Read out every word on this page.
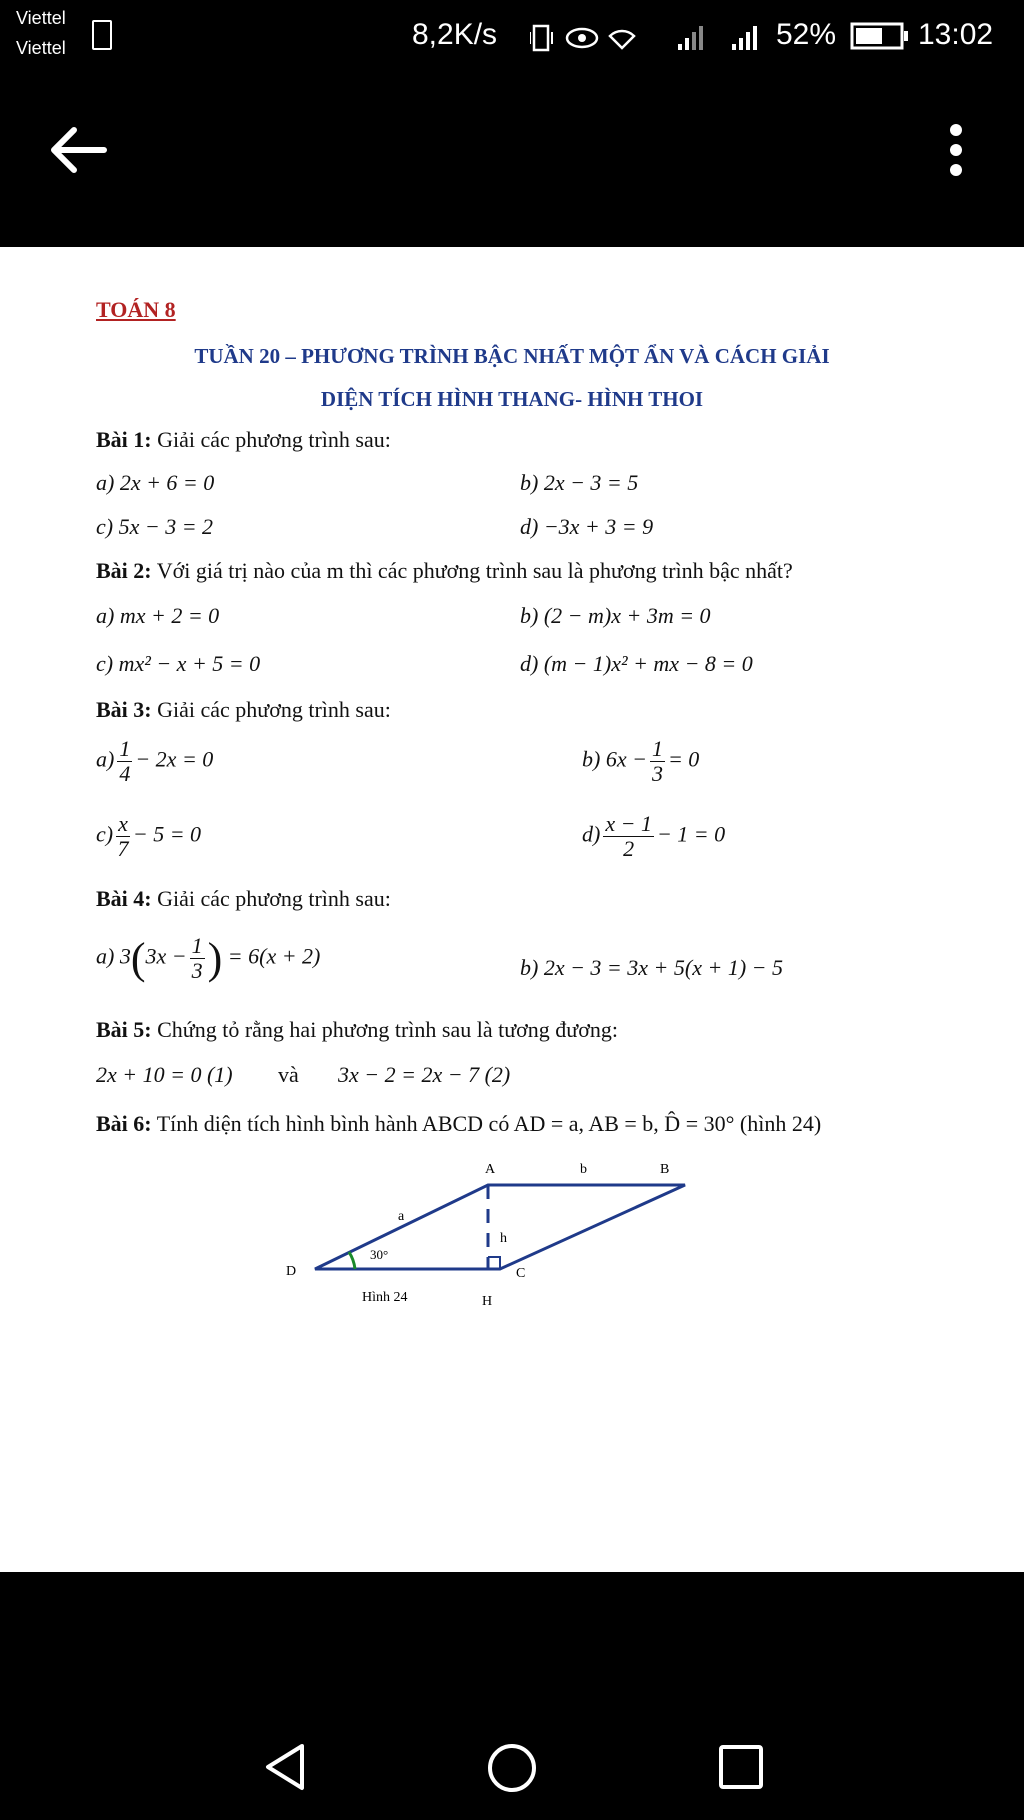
Viettel
Viettel	8,2K/s	52%	13:02
TOÁN 8
TUẦN 20 – PHƯƠNG TRÌNH BẬC NHẤT MỘT ẨN VÀ CÁCH GIẢI
DIỆN TÍCH HÌNH THANG- HÌNH THOI
Bài 1: Giải các phương trình sau:
a) 2x + 6 = 0	b) 2x − 3 = 5
c) 5x − 3 = 2	d) −3x + 3 = 9
Bài 2: Với giá trị nào của m thì các phương trình sau là phương trình bậc nhất?
a) mx + 2 = 0	b) (2 − m)x + 3m = 0
c) mx² − x + 5 = 0	d) (m − 1)x² + mx − 8 = 0
Bài 3: Giải các phương trình sau:
$a) \frac{1}{4} - 2x = 0$	b) $6x - \frac{1}{3} = 0$
$c) \frac{x}{7} - 5 = 0$	$d) \frac{x - 1}{2} - 1 = 0$
Bài 4: Giải các phương trình sau:
a) $3(3x - \frac{1}{3}$ ) = 6(x + 2)	b) 2x − 3 = 3x + 5(x + 1) − 5
Bài 5: Chứng tỏ rằng hai phương trình sau là tương đương:
2x + 10 = 0 (1) và 3x − 2 = 2x − 7 (2)
Bài 6: Tính diện tích hình bình hành ABCD có AD = a, AB = b, D̂ = 30° (hình 24)
A	b	B
a
h
30°
D	C
Hình 24	H
